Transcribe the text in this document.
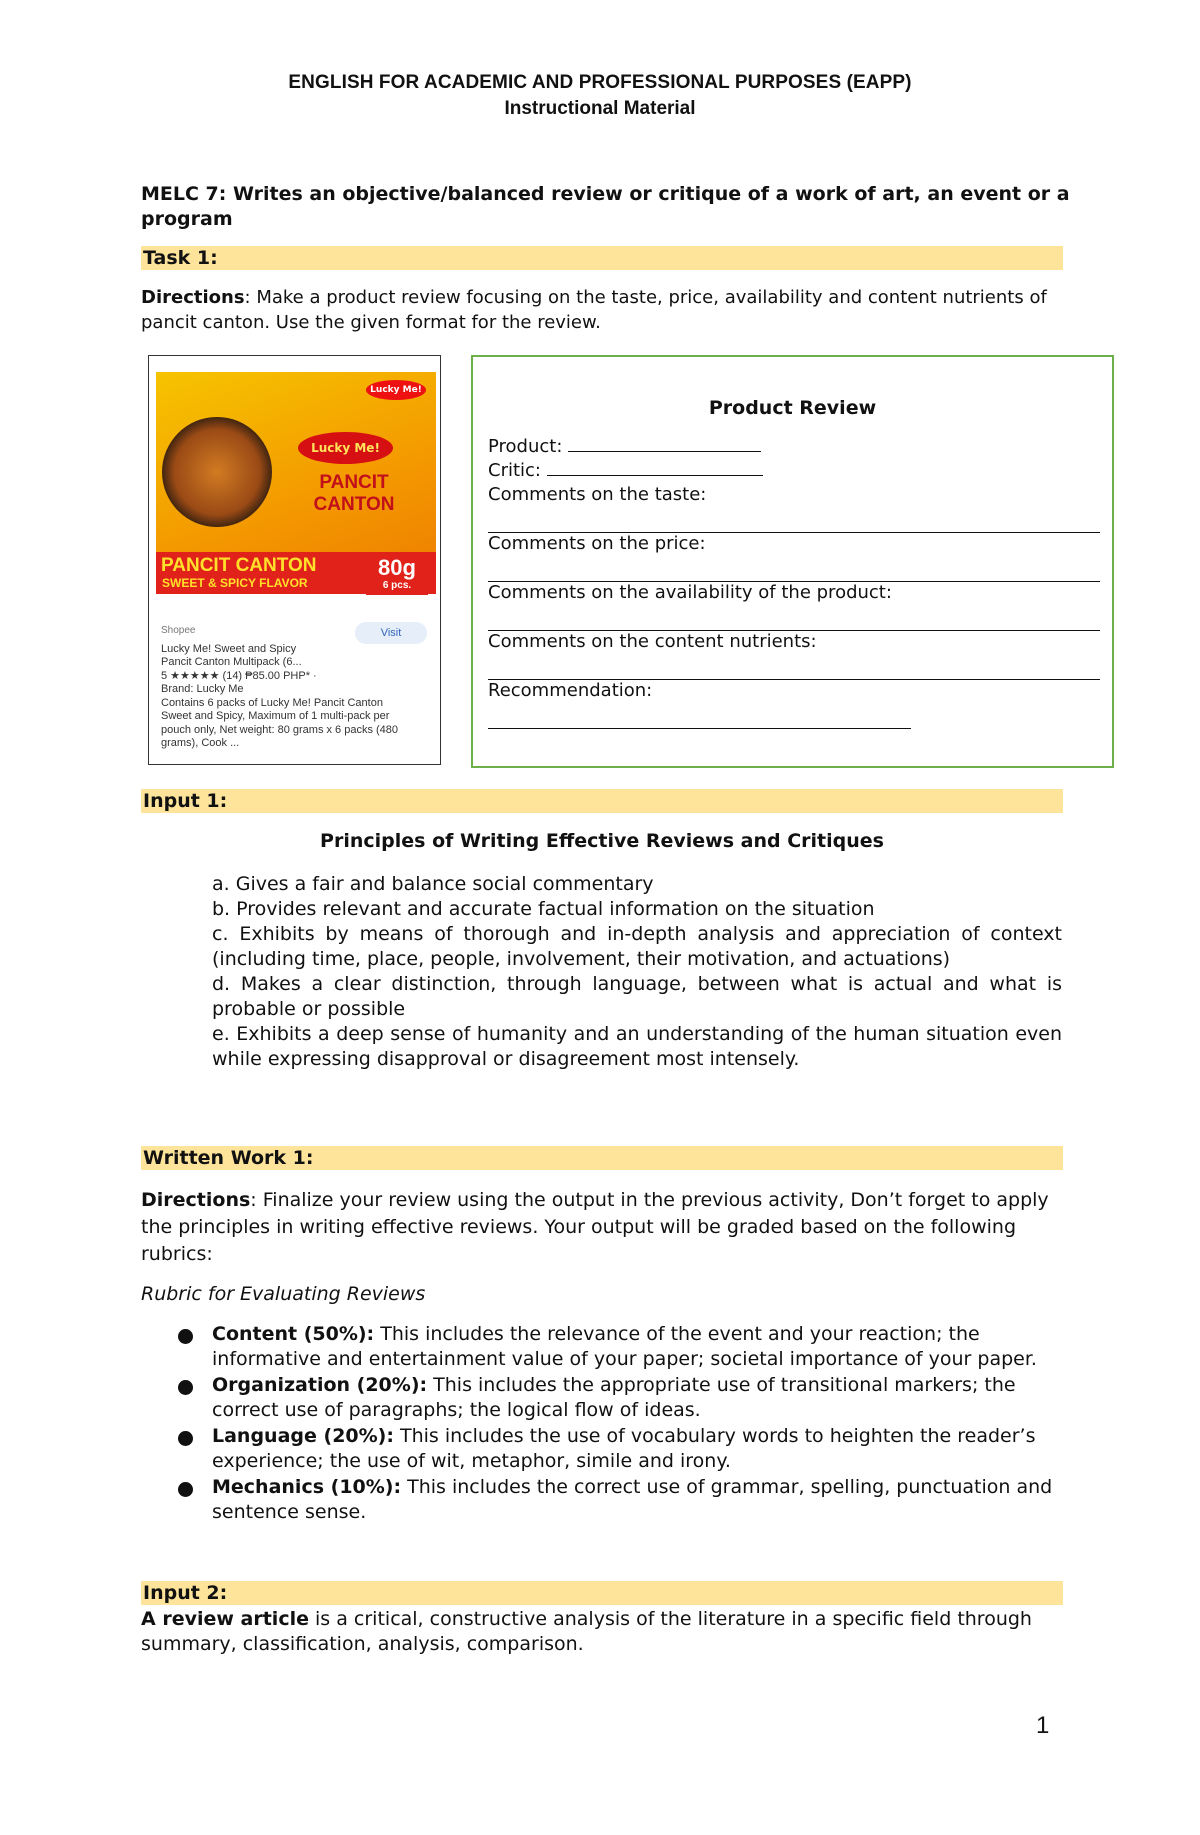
ENGLISH FOR ACADEMIC AND PROFESSIONAL PURPOSES (EAPP)
Instructional Material
MELC 7: Writes an objective/balanced review or critique of a work of art, an event or a program
Task 1:
Directions: Make a product review focusing on the taste, price, availability and content nutrients of pancit canton. Use the given format for the review.
Lucky Me!
Lucky Me!
PANCIT
CANTON
PANCIT CANTON
SWEET & SPICY FLAVOR
80g
6 pcs.
Shopee	Visit
Lucky Me! Sweet and Spicy
Pancit Canton Multipack (6...
5 ★★★★★ (14) ₱85.00 PHP* ·
Brand: Lucky Me
Contains 6 packs of Lucky Me! Pancit Canton
Sweet and Spicy, Maximum of 1 multi-pack per
pouch only, Net weight: 80 grams x 6 packs (480
grams), Cook ...
Product Review
Product:
Critic:
Comments on the taste:
Comments on the price:
Comments on the availability of the product:
Comments on the content nutrients:
Recommendation:
Input 1:
Principles of Writing Effective Reviews and Critiques
a. Gives a fair and balance social commentary
b. Provides relevant and accurate factual information on the situation
c. Exhibits by means of thorough and in-depth analysis and appreciation of context (including time, place, people, involvement, their motivation, and actuations)
d. Makes a clear distinction, through language, between what is actual and what is probable or possible
e. Exhibits a deep sense of humanity and an understanding of the human situation even while expressing disapproval or disagreement most intensely.
Written Work 1:
Directions: Finalize your review using the output in the previous activity, Don’t forget to apply the principles in writing effective reviews. Your output will be graded based on the following rubrics:
Rubric for Evaluating Reviews
Content (50%): This includes the relevance of the event and your reaction; the informative and entertainment value of your paper; societal importance of your paper.
Organization (20%): This includes the appropriate use of transitional markers; the correct use of paragraphs; the logical flow of ideas.
Language (20%): This includes the use of vocabulary words to heighten the reader’s experience; the use of wit, metaphor, simile and irony.
Mechanics (10%): This includes the correct use of grammar, spelling, punctuation and sentence sense.
Input 2:
A review article is a critical, constructive analysis of the literature in a specific field through summary, classification, analysis, comparison.
1
